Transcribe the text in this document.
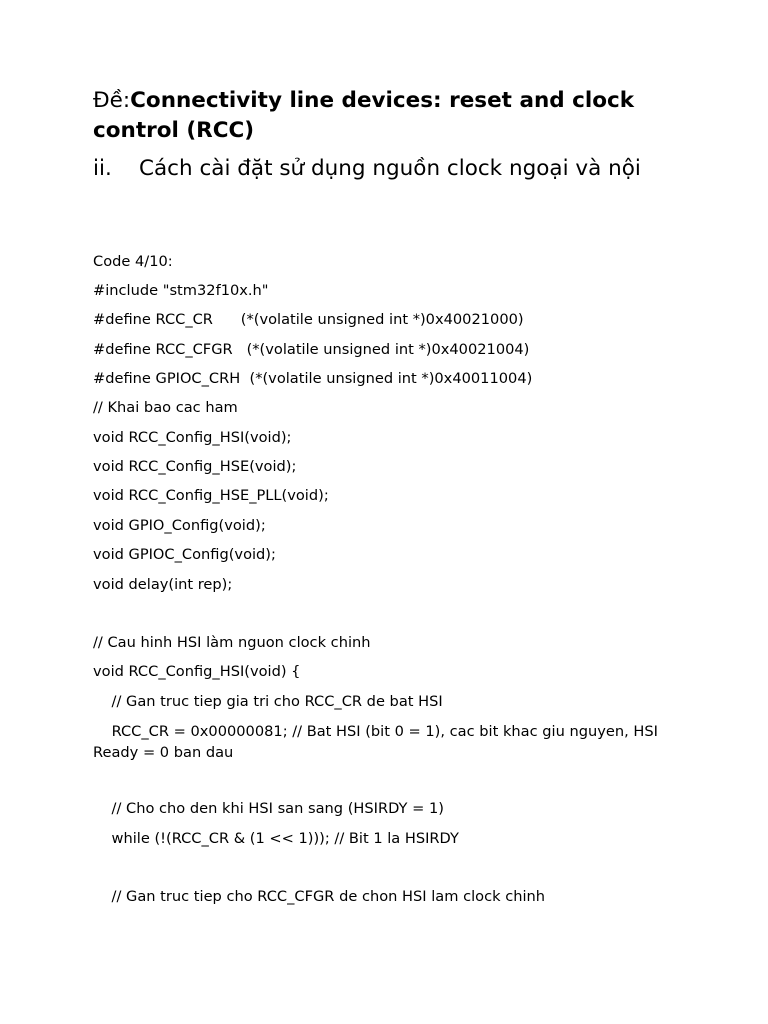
Đề:Connectivity line devices: reset and clock control (RCC)
ii. Cách cài đặt sử dụng nguồn clock ngoại và nội
Code 4/10:
#include "stm32f10x.h"
#define RCC_CR      (*(volatile unsigned int *)0x40021000)
#define RCC_CFGR   (*(volatile unsigned int *)0x40021004)
#define GPIOC_CRH  (*(volatile unsigned int *)0x40011004)
// Khai bao cac ham
void RCC_Config_HSI(void);
void RCC_Config_HSE(void);
void RCC_Config_HSE_PLL(void);
void GPIO_Config(void);
void GPIOC_Config(void);
void delay(int rep);
// Cau hinh HSI làm nguon clock chinh
void RCC_Config_HSI(void) {
// Gan truc tiep gia tri cho RCC_CR de bat HSI
RCC_CR = 0x00000081; // Bat HSI (bit 0 = 1), cac bit khac giu nguyen, HSI Ready = 0 ban dau
// Cho cho den khi HSI san sang (HSIRDY = 1)
while (!(RCC_CR & (1 << 1))); // Bit 1 la HSIRDY
// Gan truc tiep cho RCC_CFGR de chon HSI lam clock chinh
